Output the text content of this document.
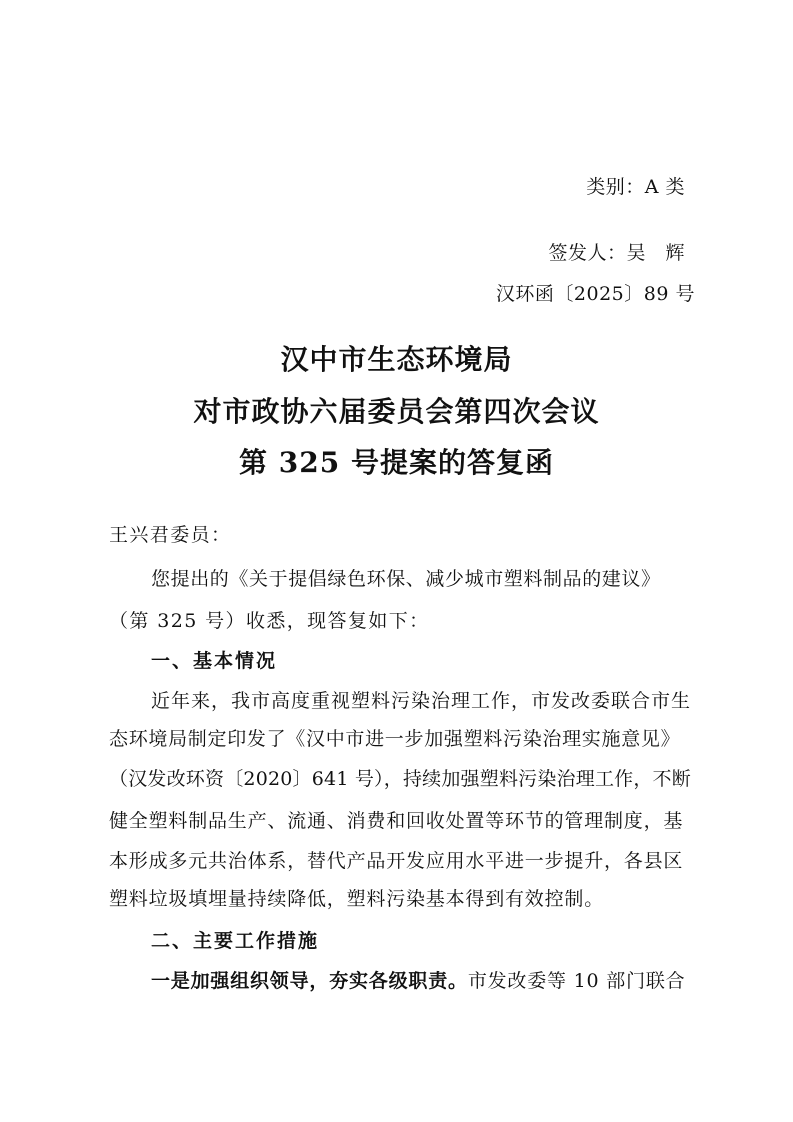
类别：A 类
签发人：吴　辉
汉环函〔2025〕89 号
汉中市生态环境局
对市政协六届委员会第四次会议
第 325 号提案的答复函
王兴君委员：
您提出的《关于提倡绿色环保、减少城市塑料制品的建议》
（第 325 号）收悉，现答复如下：
一、基本情况
近年来，我市高度重视塑料污染治理工作，市发改委联合市生
态环境局制定印发了《汉中市进一步加强塑料污染治理实施意见》
（汉发改环资〔2020〕641 号），持续加强塑料污染治理工作，不断
健全塑料制品生产、流通、消费和回收处置等环节的管理制度，基
本形成多元共治体系，替代产品开发应用水平进一步提升，各县区
塑料垃圾填埋量持续降低，塑料污染基本得到有效控制。
二、主要工作措施
一是加强组织领导，夯实各级职责。市发改委等 10 部门联合
